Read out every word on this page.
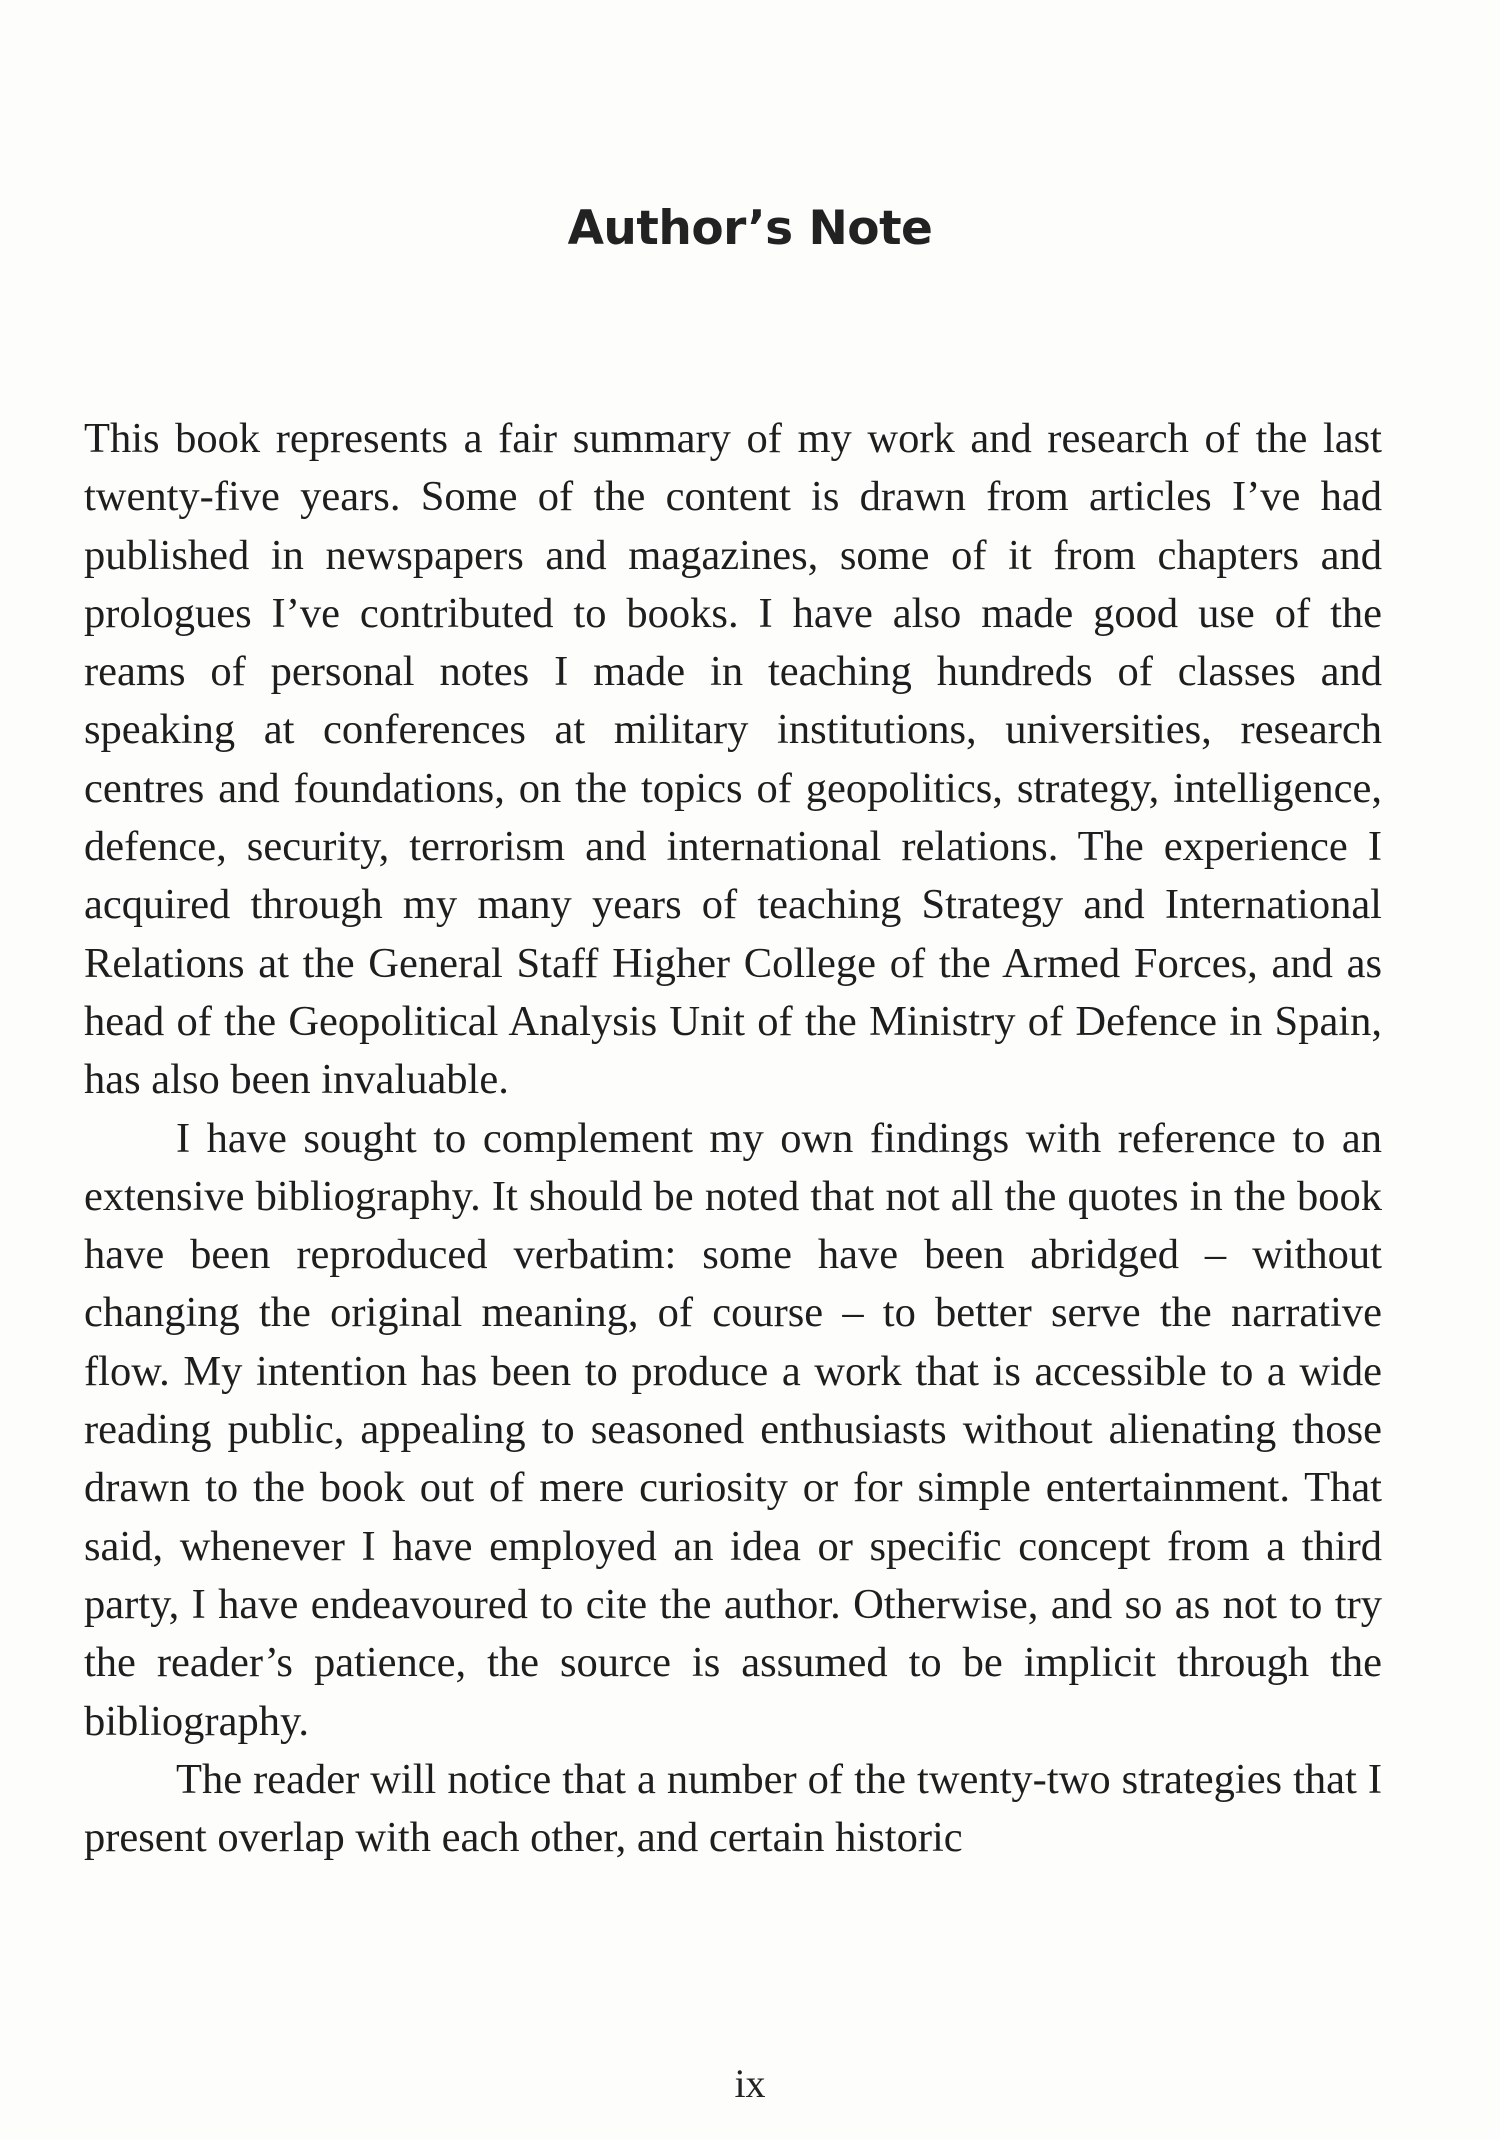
Author’s Note

This book represents a fair summary of my work and research of the last twenty-five years. Some of the content is drawn from articles I’ve had published in newspapers and magazines, some of it from chapters and prologues I’ve contributed to books. I have also made good use of the reams of personal notes I made in teaching hundreds of classes and speaking at conferences at military institutions, universities, research centres and foundations, on the topics of geopolitics, strategy, intelligence, defence, security, terrorism and international relations. The experience I acquired through my many years of teaching Strategy and International Relations at the General Staff Higher College of the Armed Forces, and as head of the Geopolitical Analysis Unit of the Ministry of Defence in Spain, has also been invaluable.

I have sought to complement my own findings with reference to an extensive bibliography. It should be noted that not all the quotes in the book have been reproduced verbatim: some have been abridged – without changing the original meaning, of course – to better serve the narrative flow. My intention has been to produce a work that is accessible to a wide reading public, appealing to seasoned enthusiasts without alienating those drawn to the book out of mere curiosity or for simple entertainment. That said, whenever I have employed an idea or specific concept from a third party, I have endeavoured to cite the author. Otherwise, and so as not to try the reader’s patience, the source is assumed to be implicit through the bibliography.

The reader will notice that a number of the twenty-two strategies that I present overlap with each other, and certain historic

ix
